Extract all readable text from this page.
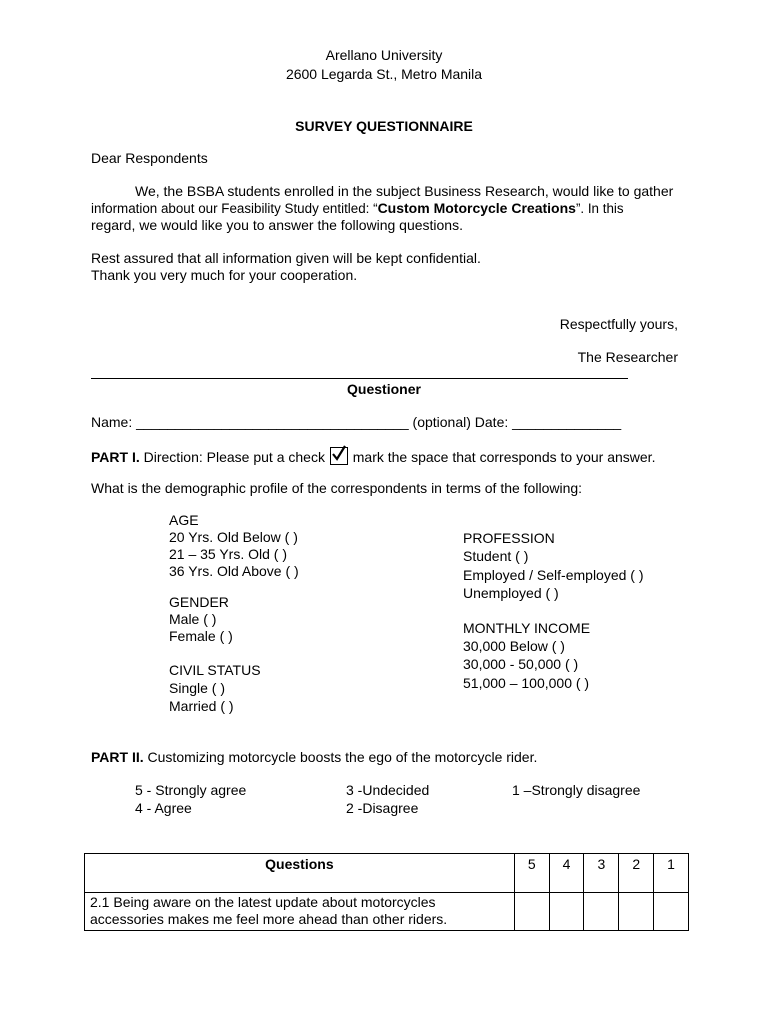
Arellano University
2600 Legarda St., Metro Manila
SURVEY QUESTIONNAIRE
Dear Respondents
We, the BSBA students enrolled in the subject Business Research, would like to gather
information about our Feasibility Study entitled: “Custom Motorcycle Creations”. In this
regard, we would like you to answer the following questions.
Rest assured that all information given will be kept confidential.
Thank you very much for your cooperation.
Respectfully yours,
The Researcher
Questioner
Name: ___________________________________ (optional) Date: ______________
PART I. Direction: Please put a check
mark the space that corresponds to your answer.
What is the demographic profile of the correspondents in terms of the following:
AGE
20 Yrs. Old Below ( )
21 – 35 Yrs. Old ( )
36 Yrs. Old Above ( )
GENDER
Male ( )
Female ( )
CIVIL STATUS
Single ( )
Married ( )
PROFESSION
Student ( )
Employed / Self-employed ( )
Unemployed ( )
MONTHLY INCOME
30,000 Below ( )
30,000 - 50,000 ( )
51,000 – 100,000 ( )
PART II. Customizing motorcycle boosts the ego of the motorcycle rider.
5 - Strongly agree
4 - Agree
3 -Undecided
2 -Disagree
1 –Strongly disagree
Questions	5	4	3	2	1

2.1 Being aware on the latest update about motorcycles
accessories makes me feel more ahead than other riders.					
